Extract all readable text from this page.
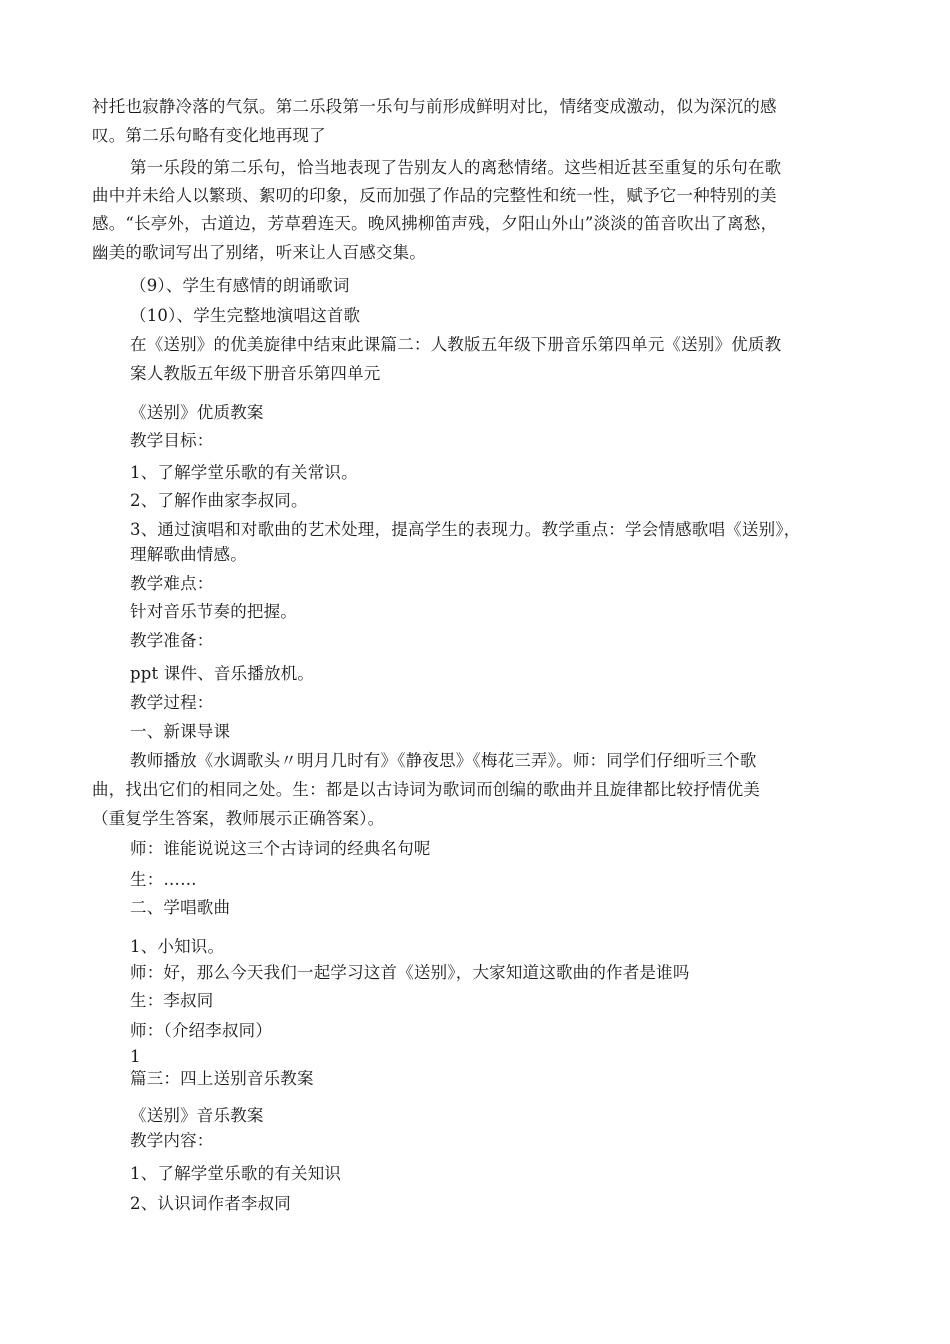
衬托也寂静冷落的气氛。第二乐段第一乐句与前形成鲜明对比，情绪变成激动，似为深沉的感
叹。第二乐句略有变化地再现了
第一乐段的第二乐句，恰当地表现了告别友人的离愁情绪。这些相近甚至重复的乐句在歌
曲中并未给人以繁琐、絮叨的印象，反而加强了作品的完整性和统一性，赋予它一种特别的美
感。“长亭外，古道边，芳草碧连天。晚风拂柳笛声残，夕阳山外山”淡淡的笛音吹出了离愁，
幽美的歌词写出了别绪，听来让人百感交集。
（9）、学生有感情的朗诵歌词
（10）、学生完整地演唱这首歌
在《送别》的优美旋律中结束此课篇二：人教版五年级下册音乐第四单元《送别》优质教
案人教版五年级下册音乐第四单元
《送别》优质教案
教学目标：
1、了解学堂乐歌的有关常识。
2、了解作曲家李叔同。
3、通过演唱和对歌曲的艺术处理，提高学生的表现力。教学重点：学会情感歌唱《送别》，
理解歌曲情感。
教学难点：
针对音乐节奏的把握。
教学准备：
ppt 课件、音乐播放机。
教学过程：
一、新课导课
教师播放《水调歌头〃明月几时有》《静夜思》《梅花三弄》。师：同学们仔细听三个歌
曲，找出它们的相同之处。生：都是以古诗词为歌词而创编的歌曲并且旋律都比较抒情优美
（重复学生答案，教师展示正确答案）。
师：谁能说说这三个古诗词的经典名句呢
生：……
二、学唱歌曲
1、小知识。
师：好，那么今天我们一起学习这首《送别》，大家知道这歌曲的作者是谁吗
生：李叔同
师：（介绍李叔同）
1
篇三：四上送别音乐教案
《送别》音乐教案
教学内容：
1、了解学堂乐歌的有关知识
2、认识词作者李叔同
